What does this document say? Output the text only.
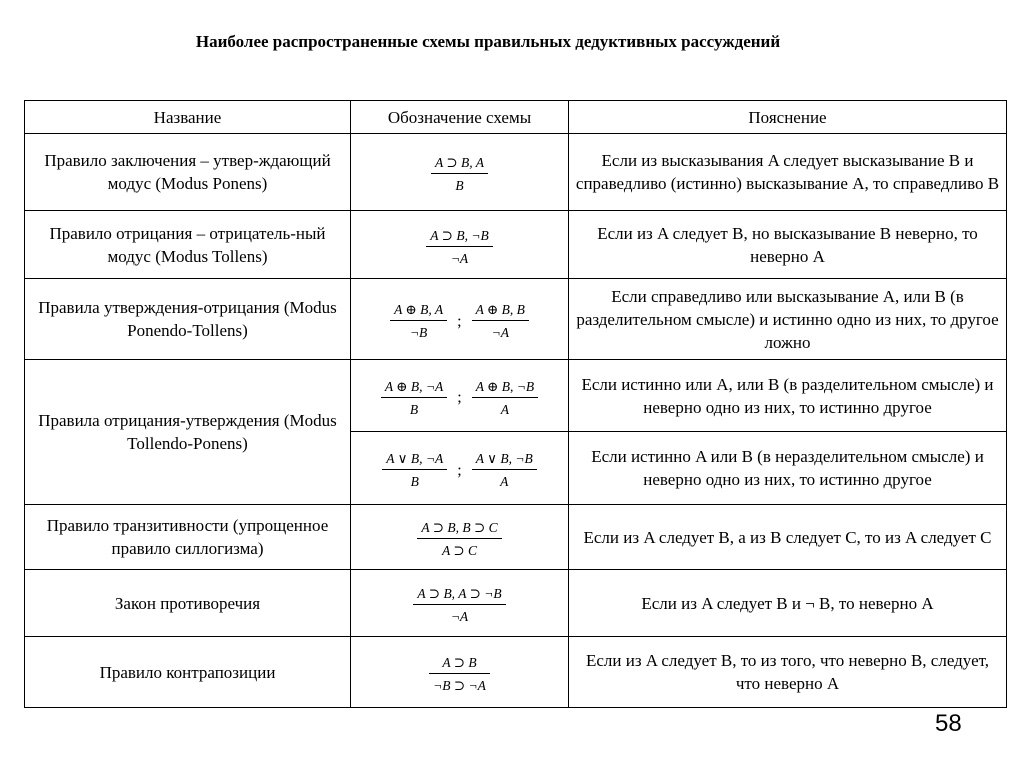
Наиболее распространенные схемы правильных дедуктивных рассуждений
Название	Обозначение схемы	Пояснение
Правило заключения – утвер-ждающий модус (Modus Ponens)	$\frac{A ⊃ B, A}{B}$	Если из высказывания A следует высказывание B и справедливо (истинно) высказывание A, то справедливо B
Правило отрицания – отрицатель-ный модус (Modus Tollens)	$\frac{A ⊃ B, \neg B}{\neg A}$	Если из A следует B, но высказывание B неверно, то неверно A
Правила утверждения-отрицания (Modus Ponendo-Tollens)	$\frac{A \oplus B, A}{\neg B}$ ; $\frac{A \oplus B, B}{\neg A}$	Если справедливо или высказывание A, или B (в разделительном смысле) и истинно одно из них, то другое ложно
Правила отрицания-утверждения (Modus Tollendo-Ponens)	$\frac{A \oplus B, \neg A}{B}$ ; $\frac{A \oplus B, \neg B}{A}$	Если истинно или A, или B (в разделительном смысле) и неверно одно из них, то истинно другое

	$\frac{A \vee B, \neg A}{B}$ ; $\frac{A \vee B, \neg B}{A}$	Если истинно A или B (в неразделительном смысле) и неверно одно из них, то истинно другое
Правило транзитивности (упрощенное правило силлогизма)	$\frac{A ⊃ B, B ⊃ C}{A ⊃ C}$	Если из A следует B, а из B следует C, то из A следует C
Закон противоречия	$\frac{A ⊃ B, A ⊃ \neg B}{\neg A}$	Если из A следует B и ¬ B, то неверно A
Правило контрапозиции	$\frac{A ⊃ B}{\neg B ⊃ \neg A}$	Если из A следует B, то из того, что неверно B, следует, что неверно A
58
